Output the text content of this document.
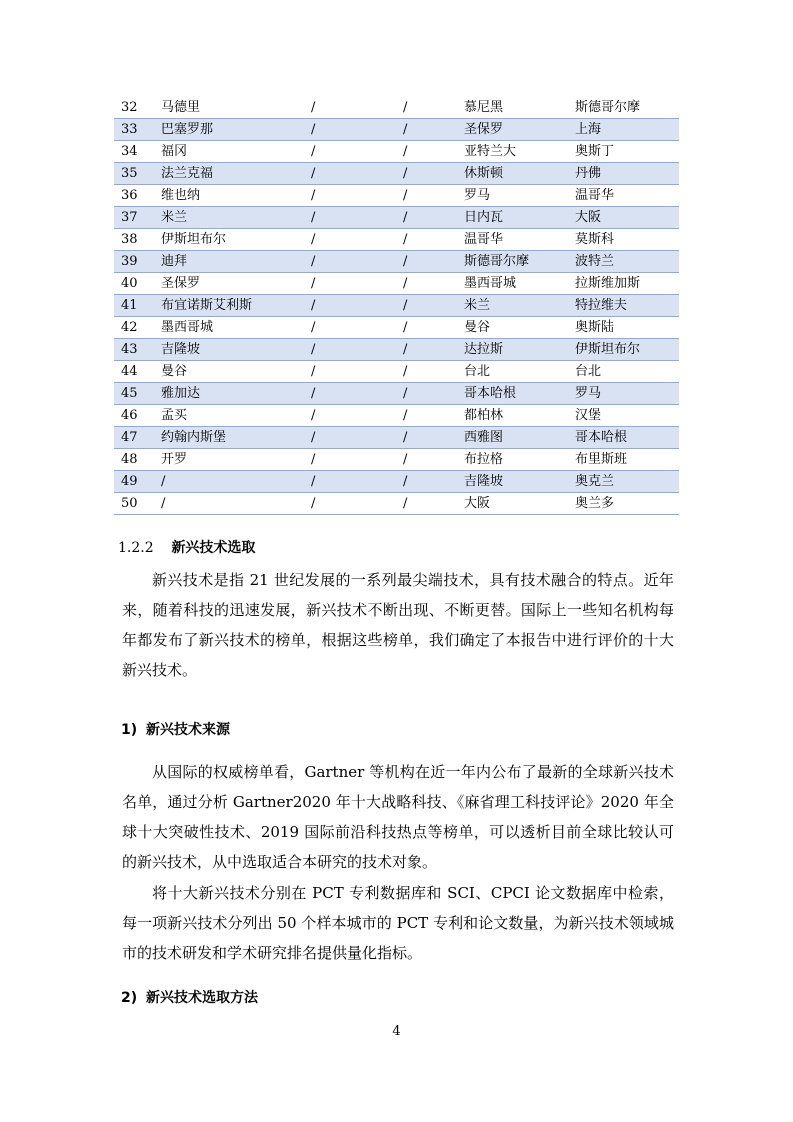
32	马德里	/	/	慕尼黑	斯德哥尔摩
33	巴塞罗那	/	/	圣保罗	上海
34	福冈	/	/	亚特兰大	奥斯丁
35	法兰克福	/	/	休斯顿	丹佛
36	维也纳	/	/	罗马	温哥华
37	米兰	/	/	日内瓦	大阪
38	伊斯坦布尔	/	/	温哥华	莫斯科
39	迪拜	/	/	斯德哥尔摩	波特兰
40	圣保罗	/	/	墨西哥城	拉斯维加斯
41	布宜诺斯艾利斯	/	/	米兰	特拉维夫
42	墨西哥城	/	/	曼谷	奥斯陆
43	吉隆坡	/	/	达拉斯	伊斯坦布尔
44	曼谷	/	/	台北	台北
45	雅加达	/	/	哥本哈根	罗马
46	孟买	/	/	都柏林	汉堡
47	约翰内斯堡	/	/	西雅图	哥本哈根
48	开罗	/	/	布拉格	布里斯班
49	/	/	/	吉隆坡	奥克兰
50	/	/	/	大阪	奥兰多
1.2.2 新兴技术选取

新兴技术是指 21 世纪发展的一系列最尖端技术，具有技术融合的特点。近年来，随着科技的迅速发展，新兴技术不断出现、不断更替。国际上一些知名机构每年都发布了新兴技术的榜单，根据这些榜单，我们确定了本报告中进行评价的十大新兴技术。

1) 新兴技术来源

从国际的权威榜单看，Gartner 等机构在近一年内公布了最新的全球新兴技术名单，通过分析 Gartner2020 年十大战略科技、《麻省理工科技评论》2020 年全球十大突破性技术、2019 国际前沿科技热点等榜单，可以透析目前全球比较认可的新兴技术，从中选取适合本研究的技术对象。

将十大新兴技术分别在 PCT 专利数据库和 SCI、CPCI 论文数据库中检索，每一项新兴技术分列出 50 个样本城市的 PCT 专利和论文数量，为新兴技术领域城市的技术研发和学术研究排名提供量化指标。

2) 新兴技术选取方法
4
